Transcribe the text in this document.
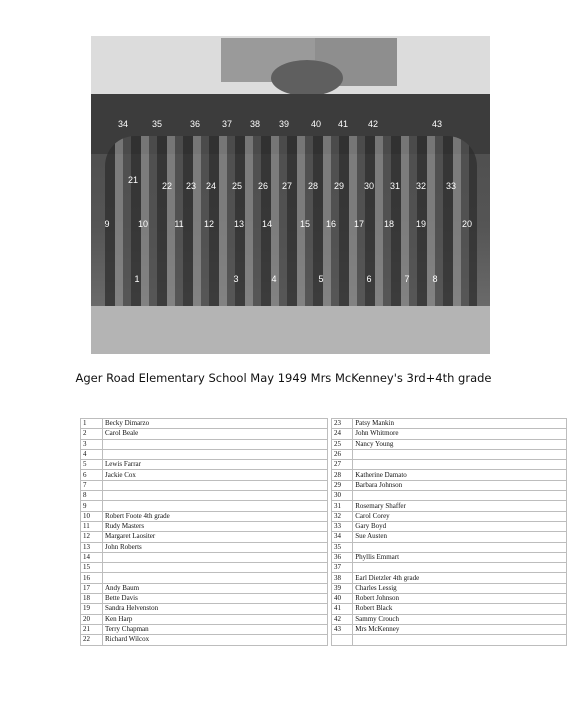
34	35	36 37 38 39 40 41 42	43
21
22 23 24 25 26 27 28 29 30 31 32 33
9	10	11 12 13 14	15 16 17 18 19	20
1	3	4	5	6	7	8
Ager Road Elementary School May 1949 Mrs McKenney's 3rd+4th grade
1	Becky Dimarzo
2	Carol Beale
3	
4	
5	Lewis Farrar
6	Jackie Cox
7	
8	
9	
10	Robert Foote 4th grade
11	Rudy Masters
12	Margaret Laositer
13	John Roberts
14	
15	
16	
17	Andy Baum
18	Bette Davis
19	Sandra Helvenston
20	Ken Harp
21	Terry Chapman
22	Richard Wilcox
23	Patsy Mankin
24	John Whitmore
25	Nancy Young
26	
27	
28	Katherine Damato
29	Barbara Johnson
30	
31	Rosemary Shaffer
32	Carol Corey
33	Gary Boyd
34	Sue Austen
35	
36	Phyllis Emmart
37	
38	Earl Dietzler 4th grade
39	Charles Lessig
40	Robert Johnson
41	Robert Black
42	Sammy Crouch
43	Mrs McKenney
